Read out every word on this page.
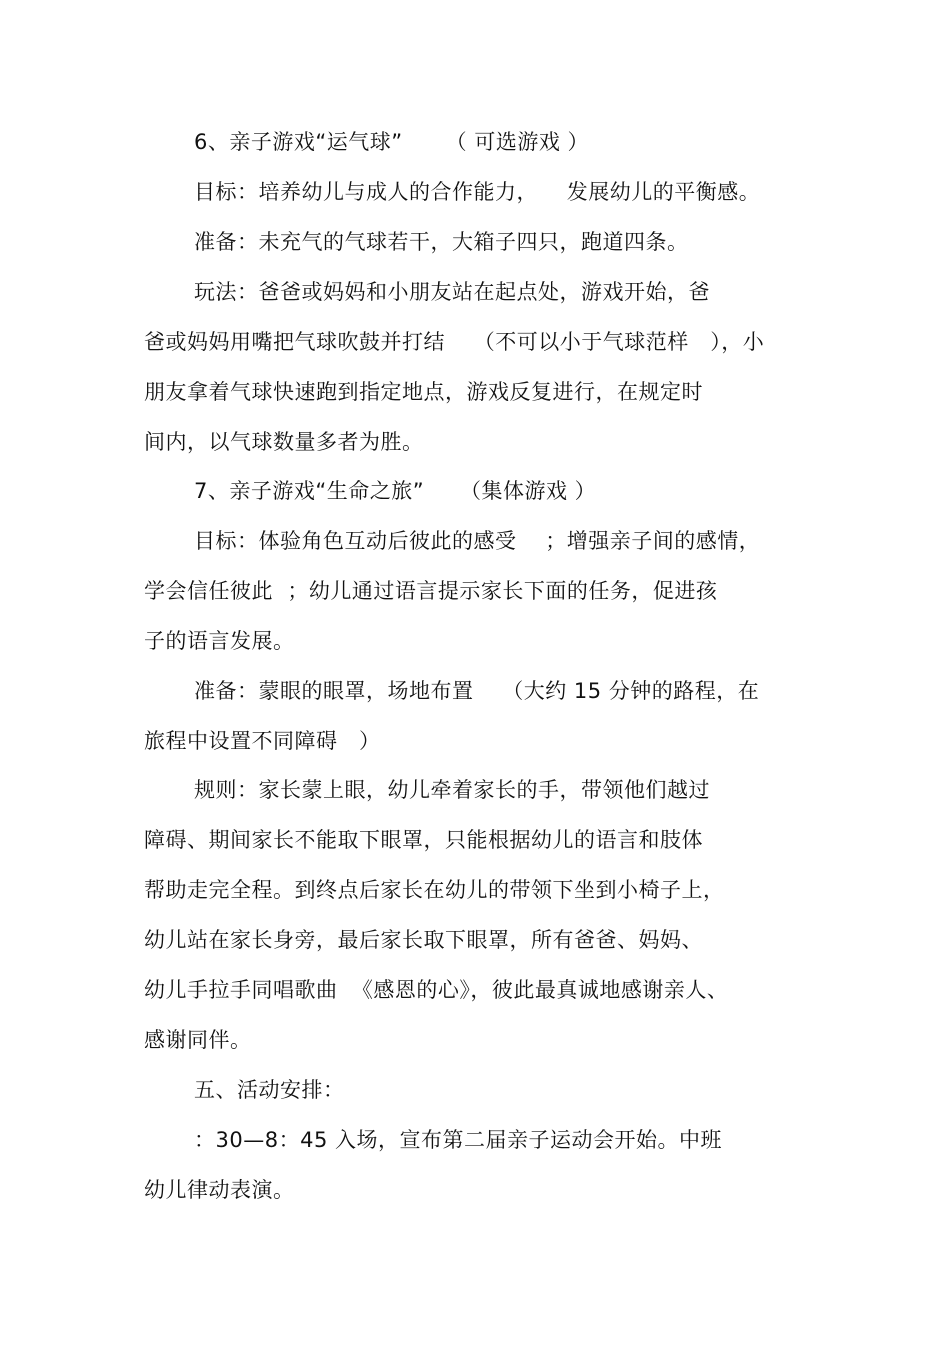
6、亲子游戏“运气球”      （ 可选游戏 ）
目标：培养幼儿与成人的合作能力，    发展幼儿的平衡感。
准备：未充气的气球若干，大箱子四只，跑道四条。
玩法：爸爸或妈妈和小朋友站在起点处，游戏开始，爸
爸或妈妈用嘴把气球吹鼓并打结    （不可以小于气球范样   ），小
朋友拿着气球快速跑到指定地点，游戏反复进行，在规定时
间内，以气球数量多者为胜。
7、亲子游戏“生命之旅”     （集体游戏 ）
目标：体验角色互动后彼此的感受    ；增强亲子间的感情，
学会信任彼此  ；幼儿通过语言提示家长下面的任务，促进孩
子的语言发展。
准备：蒙眼的眼罩，场地布置    （大约 15 分钟的路程，在
旅程中设置不同障碍   ）
规则：家长蒙上眼，幼儿牵着家长的手，带领他们越过
障碍、期间家长不能取下眼罩，只能根据幼儿的语言和肢体
帮助走完全程。到终点后家长在幼儿的带领下坐到小椅子上，
幼儿站在家长身旁，最后家长取下眼罩，所有爸爸、妈妈、
幼儿手拉手同唱歌曲  《感恩的心》，彼此最真诚地感谢亲人、
感谢同伴。
五、活动安排：
：30—8：45 入场，宣布第二届亲子运动会开始。中班
幼儿律动表演。
